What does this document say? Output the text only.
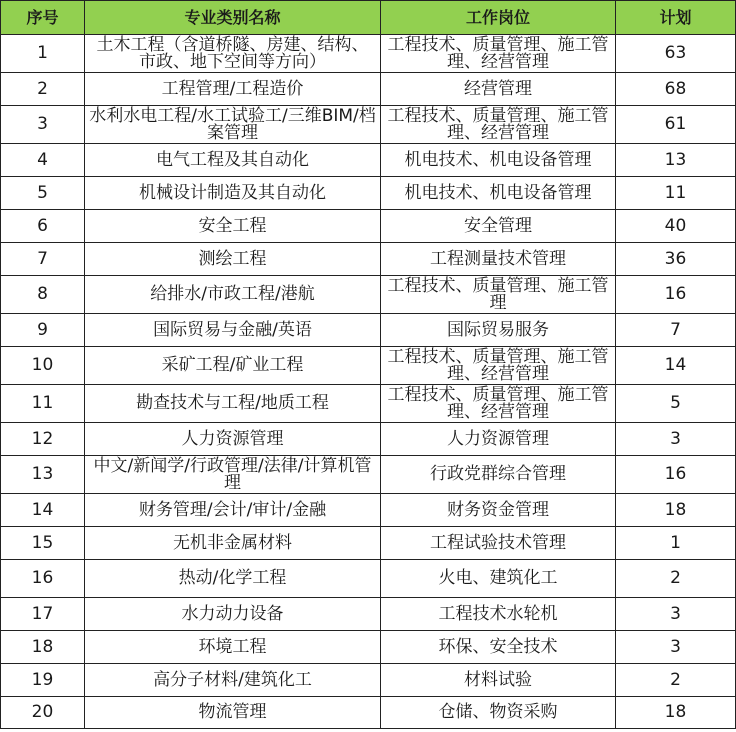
序号	专业类别名称	工作岗位	计划
1	土木工程（含道桥隧、房建、结构、市政、地下空间等方向）	工程技术、质量管理、施工管理、经营管理	63
2	工程管理/工程造价	经营管理	68
3	水利水电工程/水工试验工/三维BIM/档案管理	工程技术、质量管理、施工管理、经营管理	61
4	电气工程及其自动化	机电技术、机电设备管理	13
5	机械设计制造及其自动化	机电技术、机电设备管理	11
6	安全工程	安全管理	40
7	测绘工程	工程测量技术管理	36
8	给排水/市政工程/港航	工程技术、质量管理、施工管理	16
9	国际贸易与金融/英语	国际贸易服务	7
10	采矿工程/矿业工程	工程技术、质量管理、施工管理、经营管理	14
11	勘查技术与工程/地质工程	工程技术、质量管理、施工管理、经营管理	5
12	人力资源管理	人力资源管理	3
13	中文/新闻学/行政管理/法律/计算机管理	行政党群综合管理	16
14	财务管理/会计/审计/金融	财务资金管理	18
15	无机非金属材料	工程试验技术管理	1
16	热动/化学工程	火电、建筑化工	2
17	水力动力设备	工程技术水轮机	3
18	环境工程	环保、安全技术	3
19	高分子材料/建筑化工	材料试验	2
20	物流管理	仓储、物资采购	18
